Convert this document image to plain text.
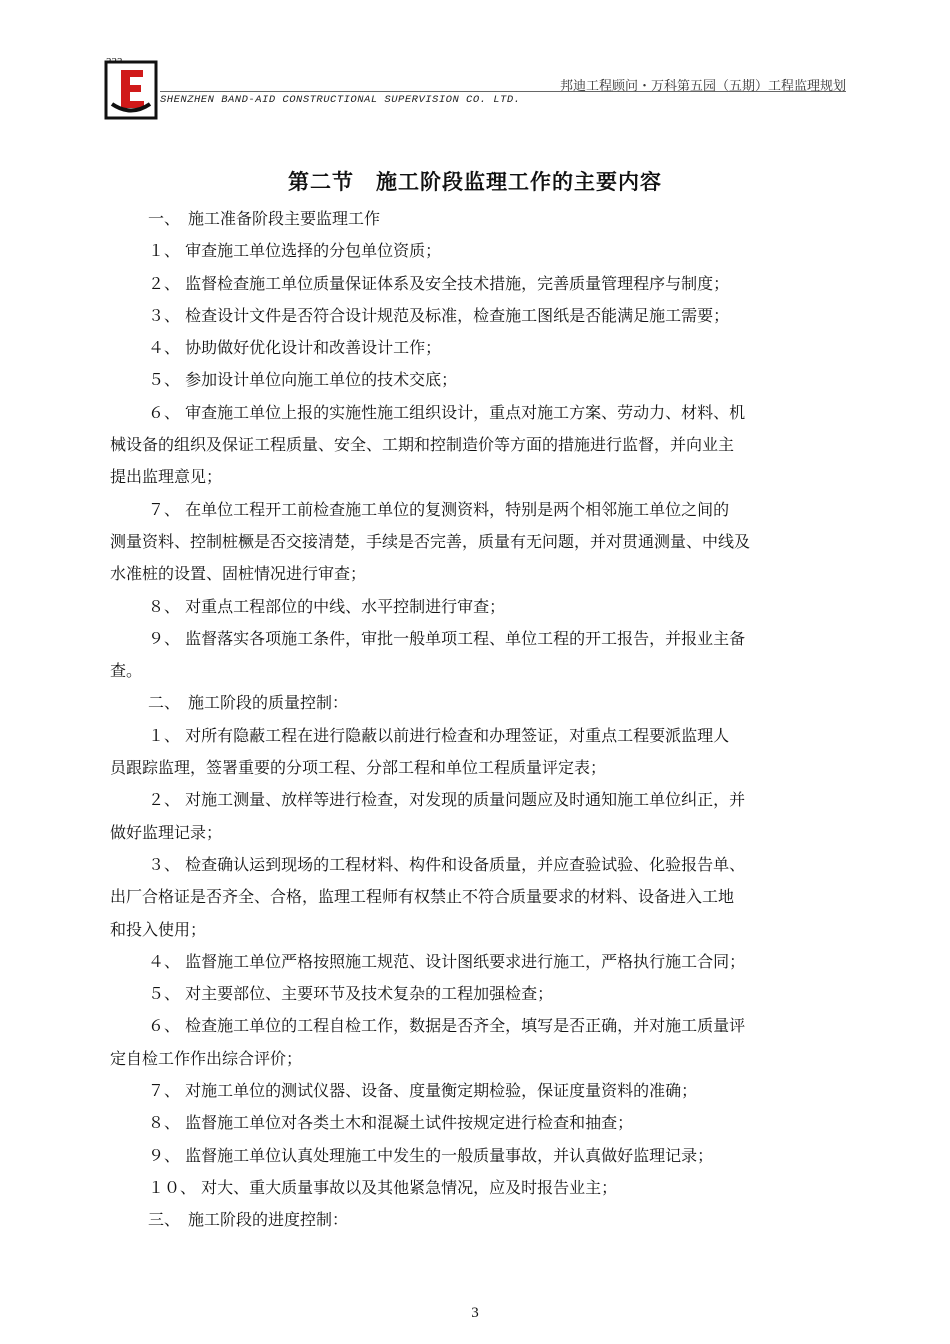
SHENZHEN BAND-AID CONSTRUCTIONAL SUPERVISION CO. LTD.
邦迪工程顾问・万科第五园（五期）工程监理规划
第二节　施工阶段监理工作的主要内容
一、　施工准备阶段主要监理工作
１、 审查施工单位选择的分包单位资质；
２、 监督检查施工单位质量保证体系及安全技术措施，完善质量管理程序与制度；
３、 检查设计文件是否符合设计规范及标准，检查施工图纸是否能满足施工需要；
４、 协助做好优化设计和改善设计工作；
５、 参加设计单位向施工单位的技术交底；
６、 审查施工单位上报的实施性施工组织设计，重点对施工方案、劳动力、材料、机
械设备的组织及保证工程质量、安全、工期和控制造价等方面的措施进行监督，并向业主
提出监理意见；
７、 在单位工程开工前检查施工单位的复测资料，特别是两个相邻施工单位之间的
测量资料、控制桩橛是否交接清楚，手续是否完善，质量有无问题，并对贯通测量、中线及
水准桩的设置、固桩情况进行审查；
８、 对重点工程部位的中线、水平控制进行审查；
９、 监督落实各项施工条件，审批一般单项工程、单位工程的开工报告，并报业主备
查。
二、　施工阶段的质量控制：
１、 对所有隐蔽工程在进行隐蔽以前进行检查和办理签证，对重点工程要派监理人
员跟踪监理，签署重要的分项工程、分部工程和单位工程质量评定表；
２、 对施工测量、放样等进行检查，对发现的质量问题应及时通知施工单位纠正，并
做好监理记录；
３、 检查确认运到现场的工程材料、构件和设备质量，并应查验试验、化验报告单、
出厂合格证是否齐全、合格，监理工程师有权禁止不符合质量要求的材料、设备进入工地
和投入使用；
４、 监督施工单位严格按照施工规范、设计图纸要求进行施工，严格执行施工合同；
５、 对主要部位、主要环节及技术复杂的工程加强检查；
６、 检查施工单位的工程自检工作，数据是否齐全，填写是否正确，并对施工质量评
定自检工作作出综合评价；
７、 对施工单位的测试仪器、设备、度量衡定期检验，保证度量资料的准确；
８、 监督施工单位对各类土木和混凝土试件按规定进行检查和抽查；
９、 监督施工单位认真处理施工中发生的一般质量事故，并认真做好监理记录；
１０、 对大、重大质量事故以及其他紧急情况，应及时报告业主；
三、　施工阶段的进度控制：
3
